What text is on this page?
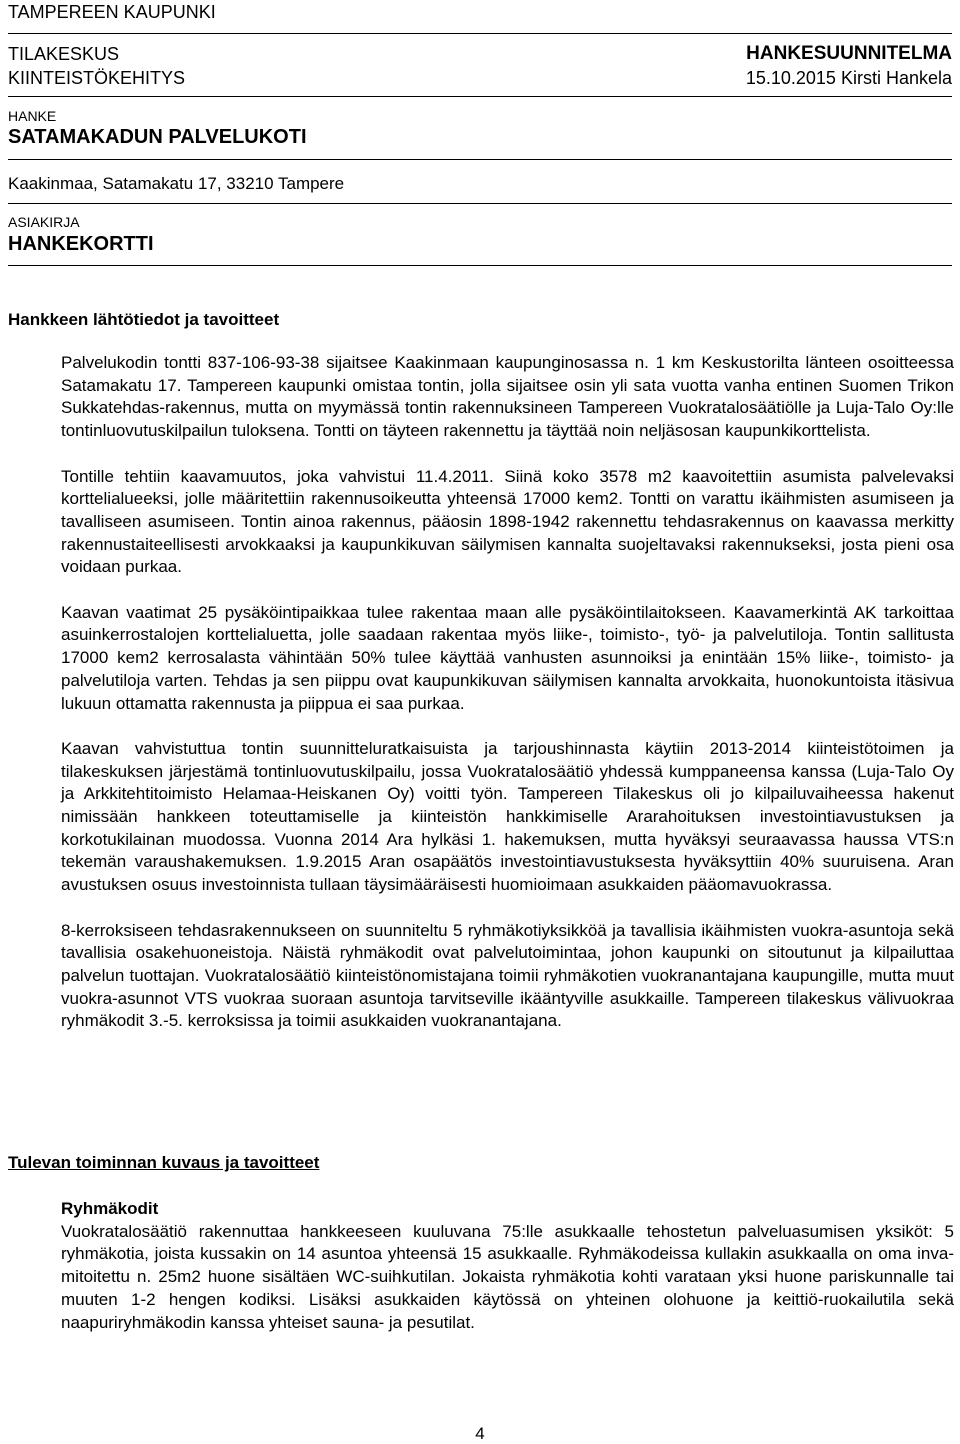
TAMPEREEN KAUPUNKI
TILAKESKUS
KIINTEISTÖKEHITYS
HANKESUUNNITELMA
15.10.2015 Kirsti Hankela
HANKE
SATAMAKADUN PALVELUKOTI
Kaakinmaa, Satamakatu 17, 33210 Tampere
ASIAKIRJA
HANKEKORTTI
Hankkeen lähtötiedot ja tavoitteet

Palvelukodin tontti 837-106-93-38 sijaitsee Kaakinmaan kaupunginosassa n. 1 km Keskustorilta länteen osoitteessa Satamakatu 17. Tampereen kaupunki omistaa tontin, jolla sijaitsee osin yli sata vuotta vanha entinen Suomen Trikon Sukkatehdas-rakennus, mutta on myymässä tontin rakennuksineen Tampereen Vuokratalosäätiölle ja Luja-Talo Oy:lle tontinluovutuskilpailun tuloksena. Tontti on täyteen rakennettu ja täyttää noin neljäsosan kaupunkikorttelista.

Tontille tehtiin kaavamuutos, joka vahvistui 11.4.2011. Siinä koko 3578 m2 kaavoitettiin asumista palvelevaksi korttelialueeksi, jolle määritettiin rakennusoikeutta yhteensä 17000 kem2. Tontti on varattu ikäihmisten asumiseen ja tavalliseen asumiseen. Tontin ainoa rakennus, pääosin 1898-1942 rakennettu tehdasrakennus on kaavassa merkitty rakennustaiteellisesti arvokkaaksi ja kaupunkikuvan säilymisen kannalta suojeltavaksi rakennukseksi, josta pieni osa voidaan purkaa.

Kaavan vaatimat 25 pysäköintipaikkaa tulee rakentaa maan alle pysäköintilaitokseen. Kaavamerkintä AK tarkoittaa asuinkerrostalojen korttelialuetta, jolle saadaan rakentaa myös liike-, toimisto-, työ- ja palvelutiloja. Tontin sallitusta 17000 kem2 kerrosalasta vähintään 50% tulee käyttää vanhusten asunnoiksi ja enintään 15% liike-, toimisto- ja palvelutiloja varten. Tehdas ja sen piippu ovat kaupunkikuvan säilymisen kannalta arvokkaita, huonokuntoista itäsivua lukuun ottamatta rakennusta ja piippua ei saa purkaa.

Kaavan vahvistuttua tontin suunnitteluratkaisuista ja tarjoushinnasta käytiin 2013-2014 kiinteistötoimen ja tilakeskuksen järjestämä tontinluovutuskilpailu, jossa Vuokratalosäätiö yhdessä kumppaneensa kanssa (Luja-Talo Oy ja Arkkitehtitoimisto Helamaa-Heiskanen Oy) voitti työn. Tampereen Tilakeskus oli jo kilpailuvaiheessa hakenut nimissään hankkeen toteuttamiselle ja kiinteistön hankkimiselle Ararahoituksen investointiavustuksen ja korkotukilainan muodossa. Vuonna 2014 Ara hylkäsi 1. hakemuksen, mutta hyväksyi seuraavassa haussa VTS:n tekemän varaushakemuksen. 1.9.2015 Aran osapäätös investointiavustuksesta hyväksyttiin 40% suuruisena. Aran avustuksen osuus investoinnista tullaan täysimääräisesti huomioimaan asukkaiden pääomavuokrassa.

8-kerroksiseen tehdasrakennukseen on suunniteltu 5 ryhmäkotiyksikköä ja tavallisia ikäihmisten vuokra-asuntoja sekä tavallisia osakehuoneistoja. Näistä ryhmäkodit ovat palvelutoimintaa, johon kaupunki on sitoutunut ja kilpailuttaa palvelun tuottajan. Vuokratalosäätiö kiinteistönomistajana toimii ryhmäkotien vuokranantajana kaupungille, mutta muut vuokra-asunnot VTS vuokraa suoraan asuntoja tarvitseville ikääntyville asukkaille. Tampereen tilakeskus välivuokraa ryhmäkodit 3.-5. kerroksissa ja toimii asukkaiden vuokranantajana.

Tulevan toiminnan kuvaus ja tavoitteet
Ryhmäkodit

Vuokratalosäätiö rakennuttaa hankkeeseen kuuluvana 75:lle asukkaalle tehostetun palveluasumisen yksiköt: 5 ryhmäkotia, joista kussakin on 14 asuntoa yhteensä 15 asukkaalle. Ryhmäkodeissa kullakin asukkaalla on oma inva-mitoitettu n. 25m2 huone sisältäen WC-suihkutilan. Jokaista ryhmäkotia kohti varataan yksi huone pariskunnalle tai muuten 1-2 hengen kodiksi. Lisäksi asukkaiden käytössä on yhteinen olohuone ja keittiö-ruokailutila sekä naapuriryhmäkodin kanssa yhteiset sauna- ja pesutilat.

4
